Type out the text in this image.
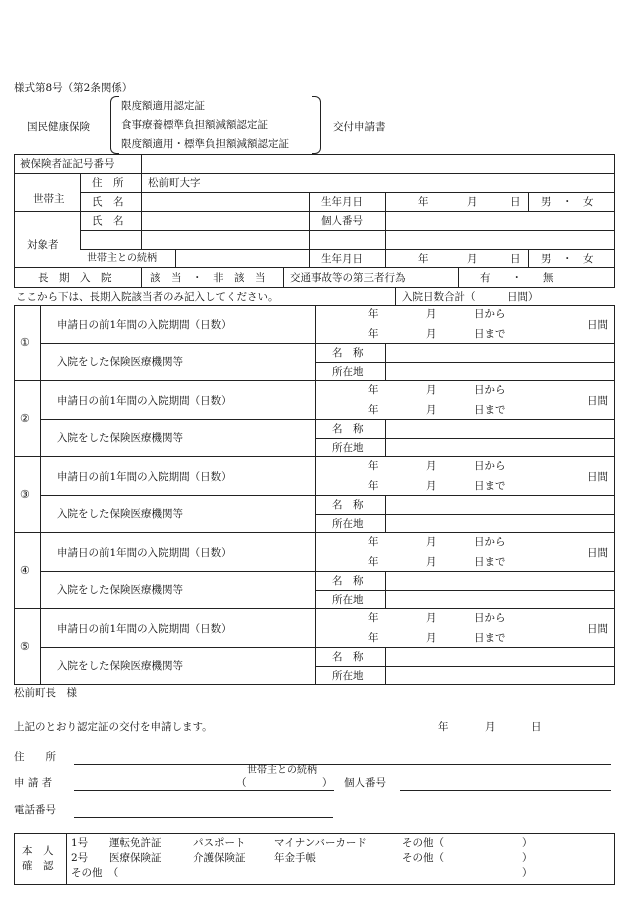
様式第8号（第2条関係）
国民健康保険
限度額適用認定証
食事療養標準負担額減額認定証
限度額適用・標準負担額減額認定証
交付申請書
被保険者証記号番号
世帯主
住　所 松前町大字
氏　名	生年月日	年	月	日 男　・　女
対象者
氏　名	個人番号
世帯主との続柄	生年月日	年	月	日 男　・　女
長　期　入　院	該　当　・　非　該　当 交通事故等の第三者行為	有　　・　　無
ここから下は、長期入院該当者のみ記入してください。	入院日数合計（　　　日間）
①
申請日の前1年間の入院期間（日数）
年	月	日から
年	月	日まで
日間
入院をした保険医療機関等
名　称
所在地
②
申請日の前1年間の入院期間（日数）
年	月	日から
年	月	日まで
日間
入院をした保険医療機関等
名　称
所在地
③
申請日の前1年間の入院期間（日数）
年	月	日から
年	月	日まで
日間
入院をした保険医療機関等
名　称
所在地
④
申請日の前1年間の入院期間（日数）
年	月	日から
年	月	日まで
日間
入院をした保険医療機関等
名　称
所在地
⑤
申請日の前1年間の入院期間（日数）
年	月	日から
年	月	日まで
日間
入院をした保険医療機関等
名　称
所在地
松前町長　様
上記のとおり認定証の交付を申請します。	年	月	日
住　　所
世帯主との続柄
申 請 者	（	） 個人番号
電話番号
本　人
確　認
1号 運転免許証	パスポート	マイナンバーカード	その他（	）
2号 医療保険証	介護保険証	年金手帳	その他（	）
その他　（	）
